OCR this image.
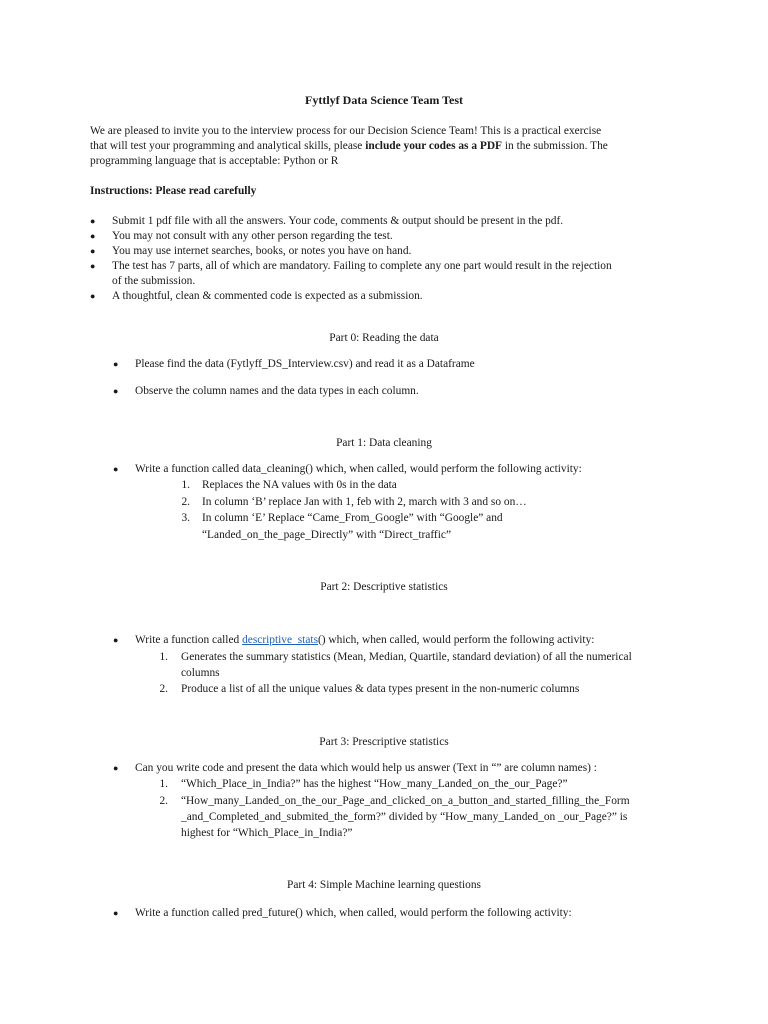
Fyttlyf Data Science Team Test
We are pleased to invite you to the interview process for our Decision Science Team! This is a practical exercise
that will test your programming and analytical skills, please include your codes as a PDF in the submission. The
programming language that is acceptable: Python or R
Instructions: Please read carefully
● Submit 1 pdf file with all the answers. Your code, comments & output should be present in the pdf.
● You may not consult with any other person regarding the test.
● You may use internet searches, books, or notes you have on hand.
● The test has 7 parts, all of which are mandatory. Failing to complete any one part would result in the rejection
of the submission.
● A thoughtful, clean & commented code is expected as a submission.
Part 0: Reading the data
● Please find the data (Fytlyff_DS_Interview.csv) and read it as a Dataframe
● Observe the column names and the data types in each column.
Part 1: Data cleaning
● Write a function called data_cleaning() which, when called, would perform the following activity:
1. Replaces the NA values with 0s in the data
2. In column ‘B’ replace Jan with 1, feb with 2, march with 3 and so on…
3. In column ‘E’ Replace “Came_From_Google” with “Google” and
“Landed_on_the_page_Directly” with “Direct_traffic”
Part 2: Descriptive statistics
● Write a function called descriptive_stats() which, when called, would perform the following activity:
1. Generates the summary statistics (Mean, Median, Quartile, standard deviation) of all the numerical
columns
2. Produce a list of all the unique values & data types present in the non-numeric columns
Part 3: Prescriptive statistics
● Can you write code and present the data which would help us answer (Text in “” are column names) :
1. “Which_Place_in_India?” has the highest “How_many_Landed_on_the_our_Page?”
2. “How_many_Landed_on_the_our_Page_and_clicked_on_a_button_and_started_filling_the_Form
_and_Completed_and_submited_the_form?” divided by “How_many_Landed_on _our_Page?” is
highest for “Which_Place_in_India?”
Part 4: Simple Machine learning questions
● Write a function called pred_future() which, when called, would perform the following activity:
